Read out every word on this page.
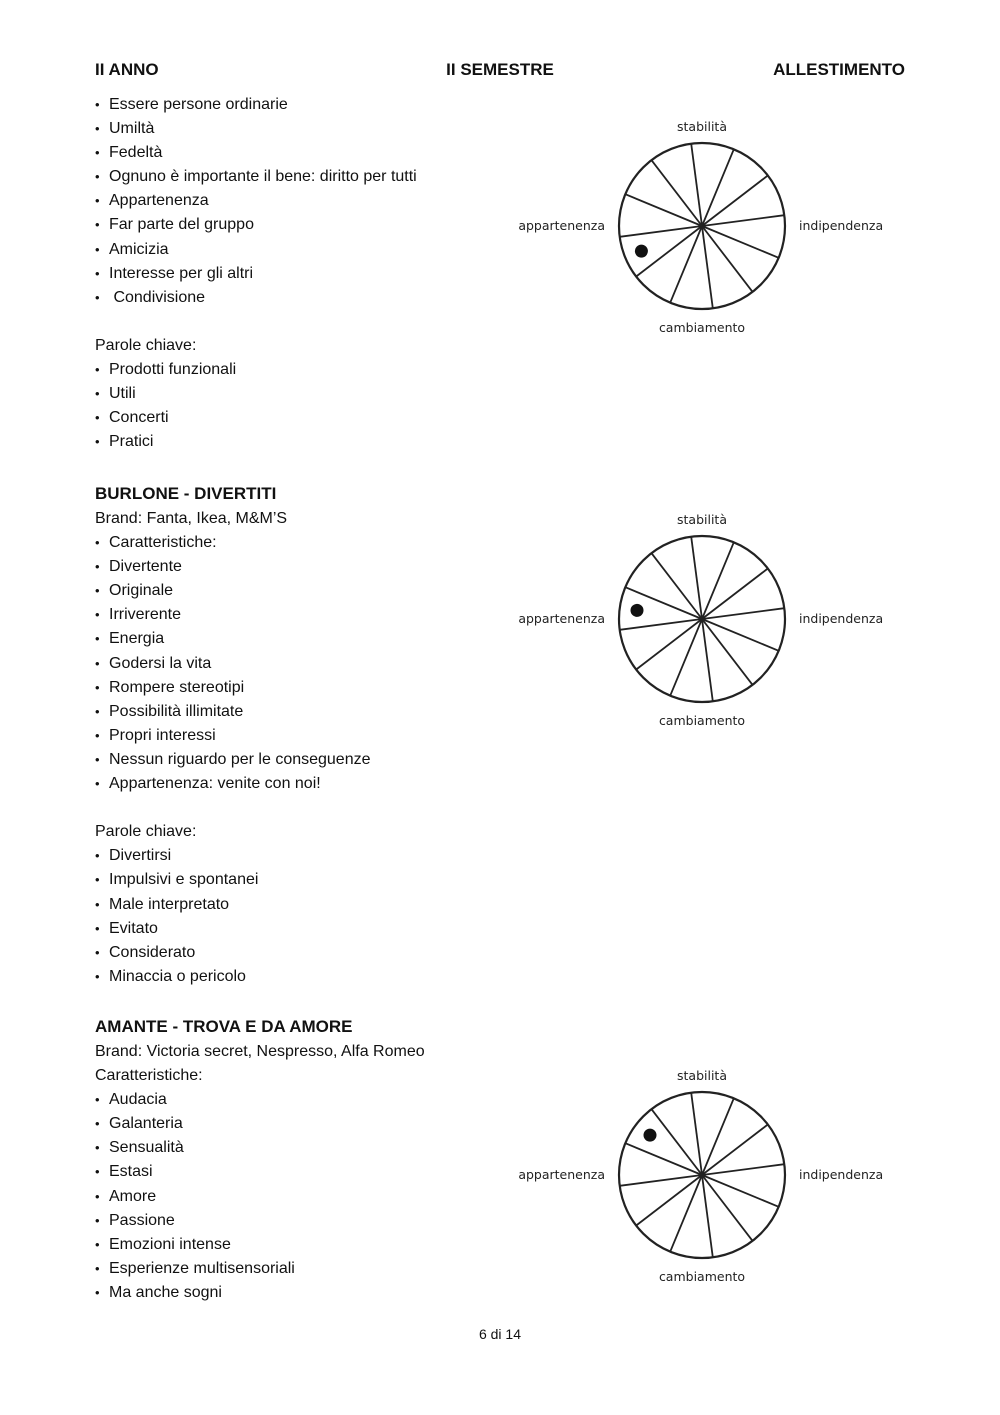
II ANNO	II SEMESTRE	ALLESTIMENTO
• Essere persone ordinarie
• Umiltà
• Fedeltà
• Ognuno è importante il bene: diritto per tutti
• Appartenenza
• Far parte del gruppo
• Amicizia
• Interesse per gli altri
•  Condivisione
Parole chiave:
• Prodotti funzionali
• Utili
• Concerti
• Pratici
BURLONE - DIVERTITI
Brand: Fanta, Ikea, M&M’S
• Caratteristiche:
• Divertente
• Originale
• Irriverente
• Energia
• Godersi la vita
• Rompere stereotipi
• Possibilità illimitate
• Propri interessi
• Nessun riguardo per le conseguenze
• Appartenenza: venite con noi!
Parole chiave:
• Divertirsi
• Impulsivi e spontanei
• Male interpretato
• Evitato
• Considerato
• Minaccia o pericolo
AMANTE - TROVA E DA AMORE
Brand: Victoria secret, Nespresso, Alfa Romeo
Caratteristiche:
• Audacia
• Galanteria
• Sensualità
• Estasi
• Amore
• Passione
• Emozioni intense
• Esperienze multisensoriali
• Ma anche sogni
stabilità
appartenenza	indipendenza
cambiamento
stabilità
appartenenza	indipendenza
cambiamento
stabilità
appartenenza	indipendenza
cambiamento
6 di 14
